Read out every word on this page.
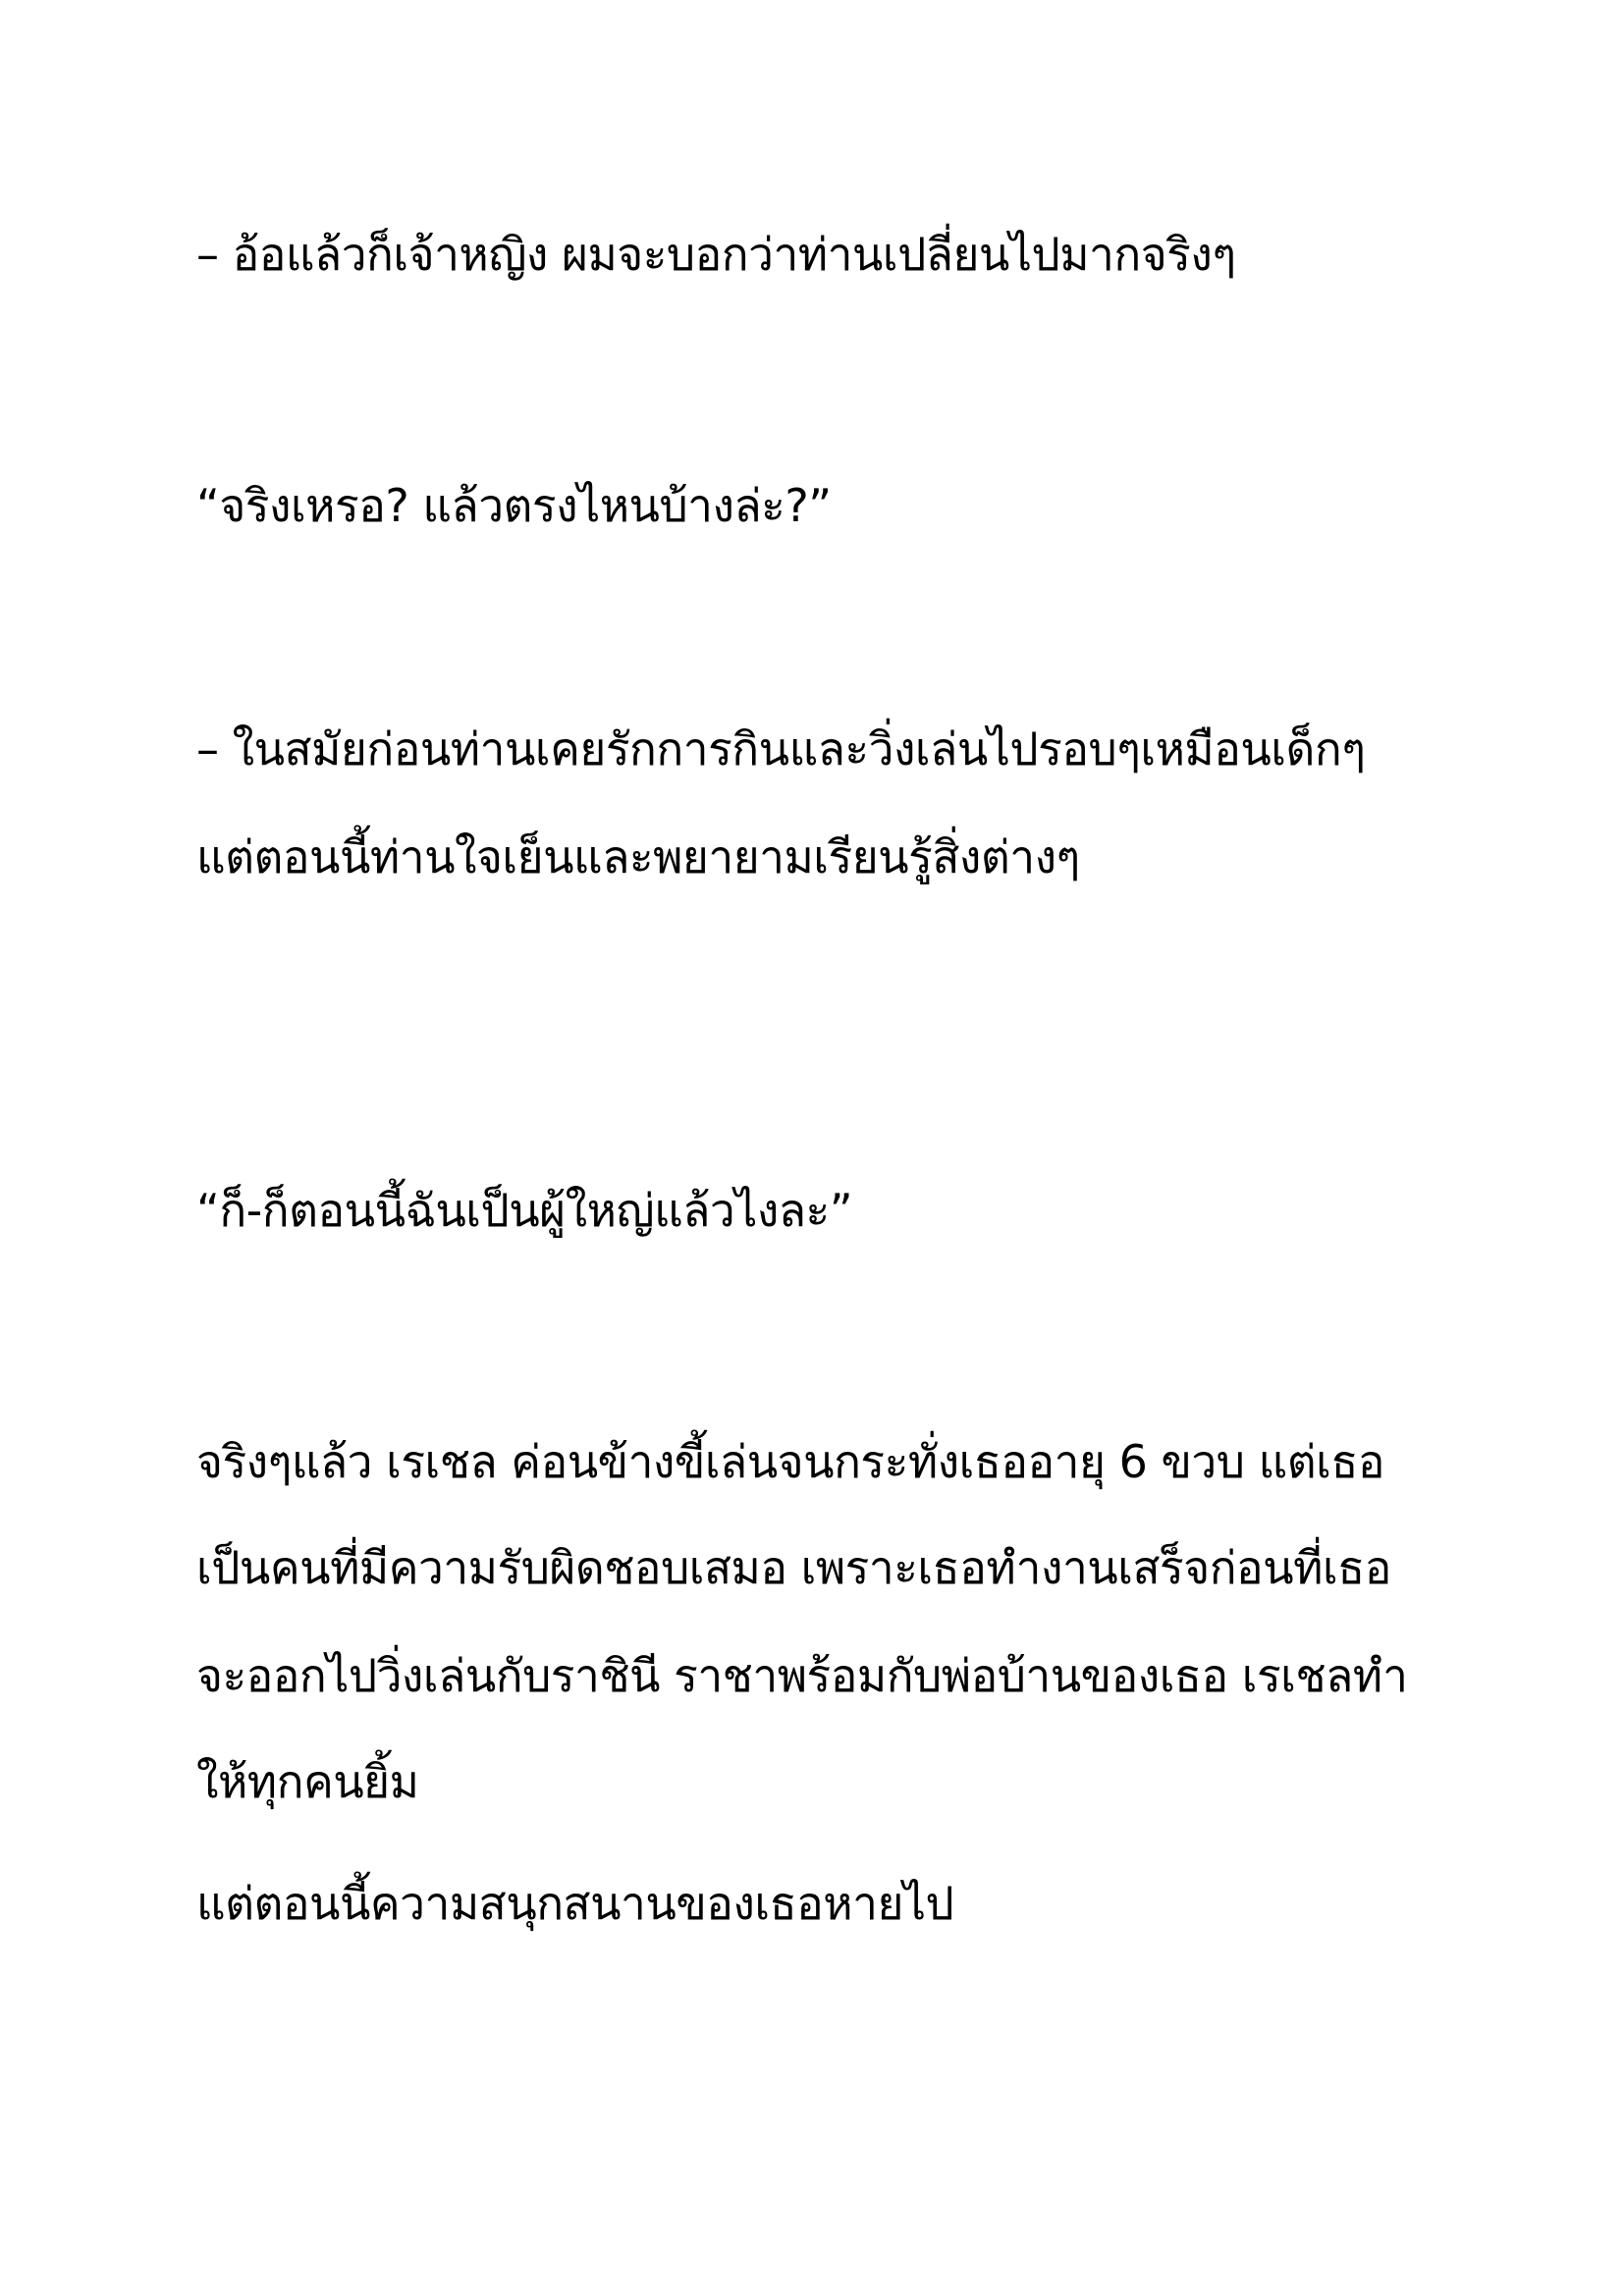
– อ้อแล้วก็เจ้าหญิง ผมจะบอกว่าท่านเปลี่ยนไปมากจริงๆ

“จริงเหรอ? แล้วตรงไหนบ้างล่ะ?”

– ในสมัยก่อนท่านเคยรักการกินและวิ่งเล่นไปรอบๆเหมือนเด็กๆ

แต่ตอนนี้ท่านใจเย็นและพยายามเรียนรู้สิ่งต่างๆ

“ก็-ก็ตอนนี้ฉันเป็นผู้ใหญ่แล้วไงละ”

จริงๆแล้ว เรเชล ค่อนข้างขี้เล่นจนกระทั่งเธออายุ 6 ขวบ แต่เธอ

เป็นคนที่มีความรับผิดชอบเสมอ เพราะเธอทำงานเสร็จก่อนที่เธอ

จะออกไปวิ่งเล่นกับราชินี ราชาพร้อมกับพ่อบ้านของเธอ เรเชลทำ

ให้ทุกคนยิ้ม

แต่ตอนนี้ความสนุกสนานของเธอหายไป
